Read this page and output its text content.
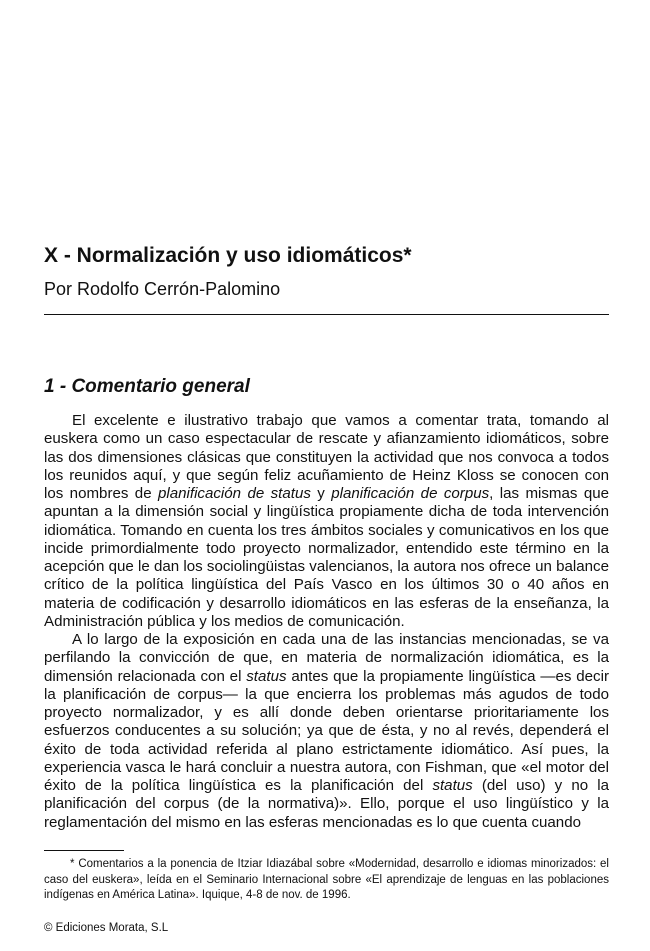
X - Normalización y uso idiomáticos*
Por Rodolfo Cerrón-Palomino
1 - Comentario general

El excelente e ilustrativo trabajo que vamos a comentar trata, tomando al euskera como un caso espectacular de rescate y afianzamiento idiomáticos, sobre las dos dimensiones clásicas que constituyen la actividad que nos convoca a todos los reunidos aquí, y que según feliz acuñamiento de Heinz Kloss se conocen con los nombres de planificación de status y planificación de corpus, las mismas que apuntan a la dimensión social y lingüística propiamente dicha de toda intervención idiomática. Tomando en cuenta los tres ámbitos sociales y comunicativos en los que incide primordialmente todo proyecto normalizador, entendido este término en la acepción que le dan los sociolingüistas valencianos, la autora nos ofrece un balance crítico de la política lingüística del País Vasco en los últimos 30 o 40 años en materia de codificación y desarrollo idiomáticos en las esferas de la enseñanza, la Administración pública y los medios de comunicación.

A lo largo de la exposición en cada una de las instancias mencionadas, se va perfilando la convicción de que, en materia de normalización idiomática, es la dimensión relacionada con el status antes que la propiamente lingüística —es decir la planificación de corpus— la que encierra los problemas más agudos de todo proyecto normalizador, y es allí donde deben orientarse prioritariamente los esfuerzos conducentes a su solución; ya que de ésta, y no al revés, dependerá el éxito de toda actividad referida al plano estrictamente idiomático. Así pues, la experiencia vasca le hará concluir a nuestra autora, con Fishman, que «el motor del éxito de la política lingüística es la planificación del status (del uso) y no la planificación del corpus (de la normativa)». Ello, porque el uso lingüístico y la reglamentación del mismo en las esferas mencionadas es lo que cuenta cuando

* Comentarios a la ponencia de Itziar Idiazábal sobre «Modernidad, desarrollo e idiomas minorizados: el caso del euskera», leída en el Seminario Internacional sobre «El aprendizaje de lenguas en las poblaciones indígenas en América Latina». Iquique, 4-8 de nov. de 1996.

© Ediciones Morata, S.L
